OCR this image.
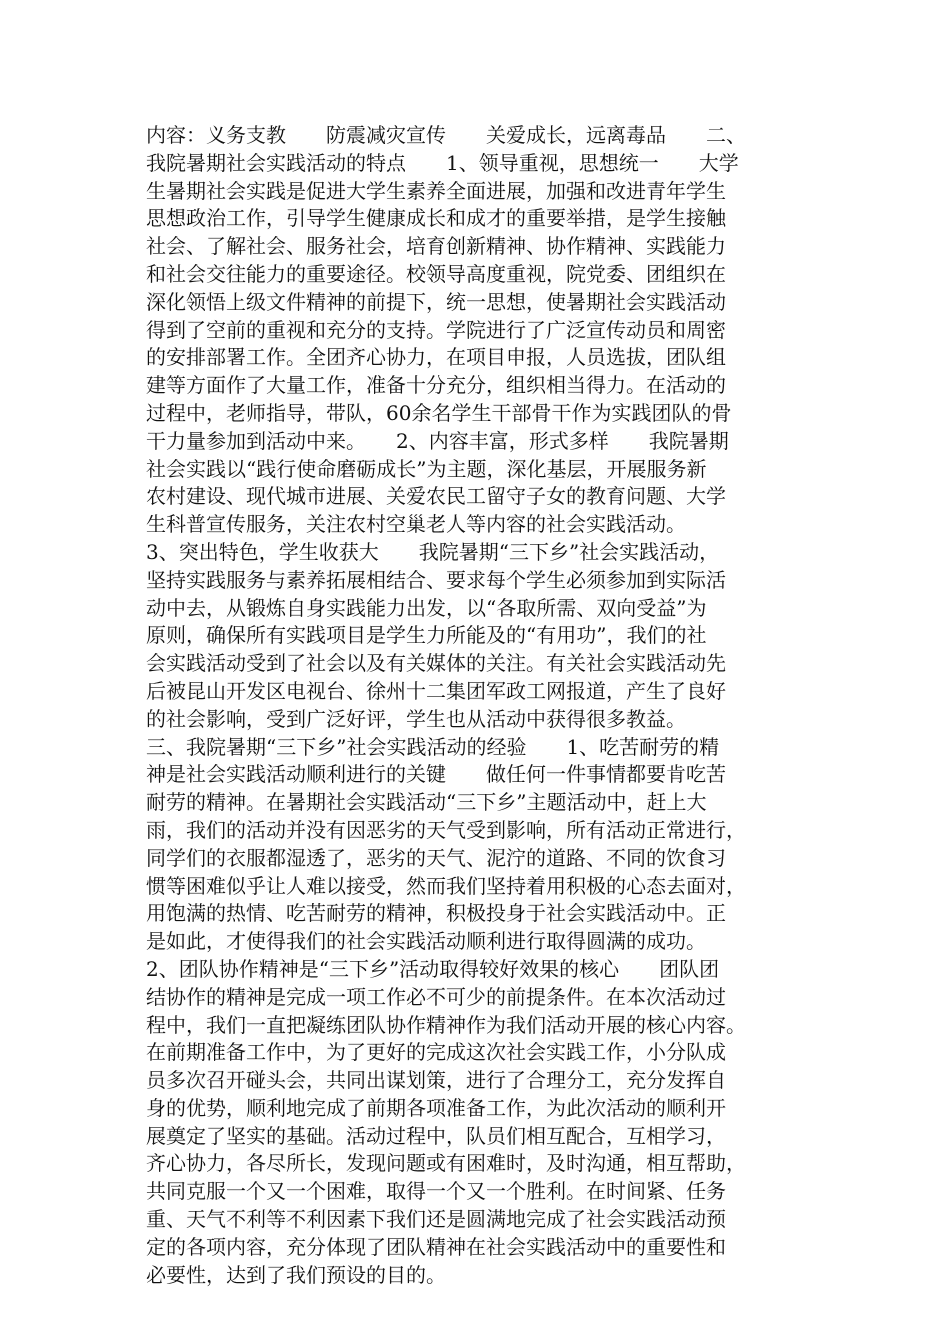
内容：义务支教　　防震减灾宣传　　关爱成长，远离毒品　　二、
我院暑期社会实践活动的特点　　1、领导重视，思想统一　　大学
生暑期社会实践是促进大学生素养全面进展，加强和改进青年学生
思想政治工作，引导学生健康成长和成才的重要举措，是学生接触
社会、了解社会、服务社会，培育创新精神、协作精神、实践能力
和社会交往能力的重要途径。校领导高度重视，院党委、团组织在
深化领悟上级文件精神的前提下，统一思想，使暑期社会实践活动
得到了空前的重视和充分的支持。学院进行了广泛宣传动员和周密
的安排部署工作。全团齐心协力，在项目申报，人员选拔，团队组
建等方面作了大量工作，准备十分充分，组织相当得力。在活动的
过程中，老师指导，带队，60余名学生干部骨干作为实践团队的骨
干力量参加到活动中来。　　2、内容丰富，形式多样　　我院暑期
社会实践以“践行使命磨砺成长”为主题，深化基层，开展服务新
农村建设、现代城市进展、关爱农民工留守子女的教育问题、大学
生科普宣传服务，关注农村空巢老人等内容的社会实践活动。
3、突出特色，学生收获大　　我院暑期“三下乡”社会实践活动，
坚持实践服务与素养拓展相结合、要求每个学生必须参加到实际活
动中去，从锻炼自身实践能力出发，以“各取所需、双向受益”为
原则，确保所有实践项目是学生力所能及的“有用功”，我们的社
会实践活动受到了社会以及有关媒体的关注。有关社会实践活动先
后被昆山开发区电视台、徐州十二集团军政工网报道，产生了良好
的社会影响，受到广泛好评，学生也从活动中获得很多教益。
三、我院暑期“三下乡”社会实践活动的经验　　1、吃苦耐劳的精
神是社会实践活动顺利进行的关键　　做任何一件事情都要肯吃苦
耐劳的精神。在暑期社会实践活动“三下乡”主题活动中，赶上大
雨，我们的活动并没有因恶劣的天气受到影响，所有活动正常进行，
同学们的衣服都湿透了，恶劣的天气、泥泞的道路、不同的饮食习
惯等困难似乎让人难以接受，然而我们坚持着用积极的心态去面对，
用饱满的热情、吃苦耐劳的精神，积极投身于社会实践活动中。正
是如此，才使得我们的社会实践活动顺利进行取得圆满的成功。
2、团队协作精神是“三下乡”活动取得较好效果的核心　　团队团
结协作的精神是完成一项工作必不可少的前提条件。在本次活动过
程中，我们一直把凝练团队协作精神作为我们活动开展的核心内容。
在前期准备工作中，为了更好的完成这次社会实践工作，小分队成
员多次召开碰头会，共同出谋划策，进行了合理分工，充分发挥自
身的优势，顺利地完成了前期各项准备工作，为此次活动的顺利开
展奠定了坚实的基础。活动过程中，队员们相互配合，互相学习，
齐心协力，各尽所长，发现问题或有困难时，及时沟通，相互帮助，
共同克服一个又一个困难，取得一个又一个胜利。在时间紧、任务
重、天气不利等不利因素下我们还是圆满地完成了社会实践活动预
定的各项内容，充分体现了团队精神在社会实践活动中的重要性和
必要性，达到了我们预设的目的。
